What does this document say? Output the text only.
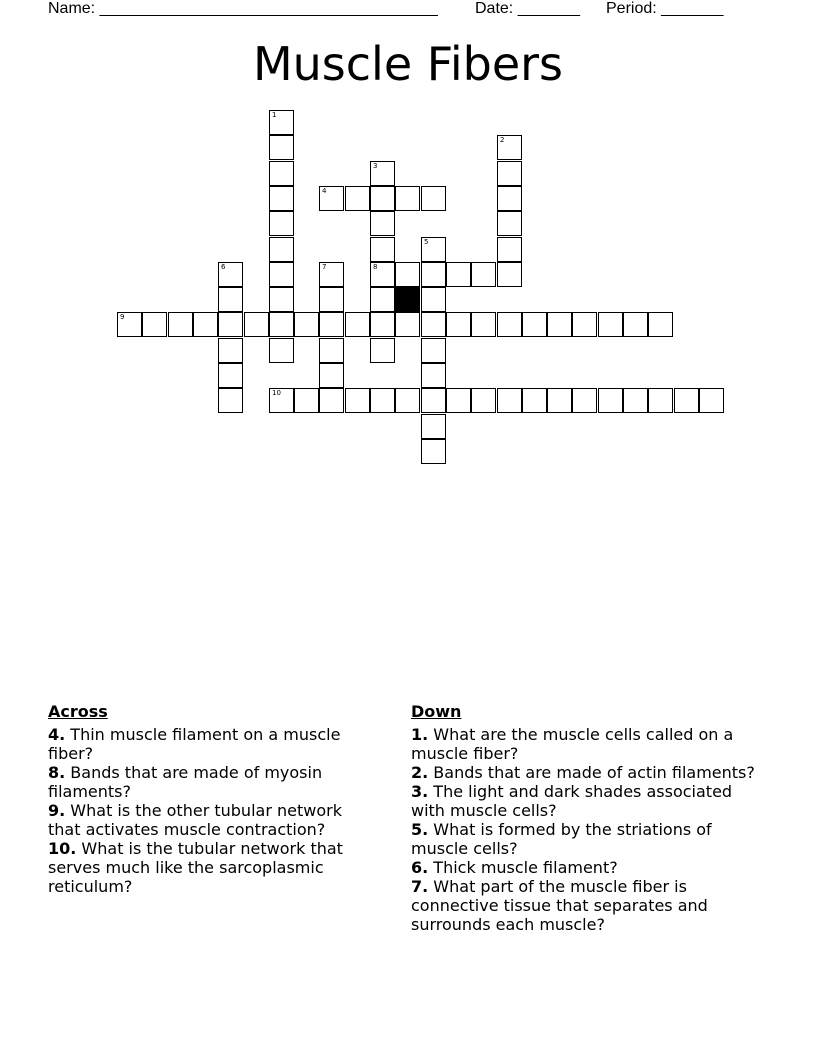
Name: ______________________________________

Date: _______

Period: _______

Muscle Fibers
1
2
3
8
4
5
6	7
9
10
Across
4. Thin muscle filament on a muscle fiber?
8. Bands that are made of myosin filaments?
9. What is the other tubular network that activates muscle contraction?
10. What is the tubular network that serves much like the sarcoplasmic reticulum?
Down
1. What are the muscle cells called on a muscle fiber?
2. Bands that are made of actin filaments?
3. The light and dark shades associated with muscle cells?
5. What is formed by the striations of muscle cells?
6. Thick muscle filament?
7. What part of the muscle fiber is connective tissue that separates and surrounds each muscle?
